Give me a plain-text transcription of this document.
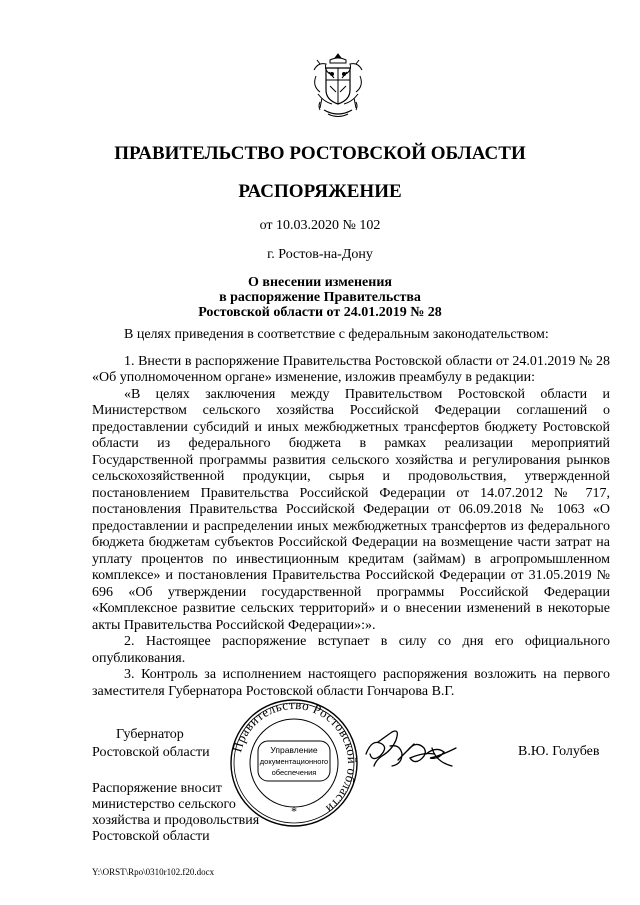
ПРАВИТЕЛЬСТВО РОСТОВСКОЙ ОБЛАСТИ
РАСПОРЯЖЕНИЕ
от 10.03.2020 № 102
г. Ростов-на-Дону
О внесении изменения
в распоряжение Правительства
Ростовской области от 24.01.2019 № 28

В целях приведения в соответствие с федеральным законодательством:

1. Внести в распоряжение Правительства Ростовской области от 24.01.2019 № 28 «Об уполномоченном органе» изменение, изложив преамбулу в редакции:

«В целях заключения между Правительством Ростовской области и Министерством сельского хозяйства Российской Федерации соглашений о предоставлении субсидий и иных межбюджетных трансфертов бюджету Ростовской области из федерального бюджета в рамках реализации мероприятий Государственной программы развития сельского хозяйства и регулирования рынков сельскохозяйственной продукции, сырья и продовольствия, утвержденной постановлением Правительства Российской Федерации от 14.07.2012 № 717, постановления Правительства Российской Федерации от 06.09.2018 № 1063 «О предоставлении и распределении иных межбюджетных трансфертов из федерального бюджета бюджетам субъектов Российской Федерации на возмещение части затрат на уплату процентов по инвестиционным кредитам (займам) в агропромышленном комплексе» и постановления Правительства Российской Федерации от 31.05.2019 № 696 «Об утверждении государственной программы Российской Федерации «Комплексное развитие сельских территорий» и о внесении изменений в некоторые акты Правительства Российской Федерации»:».

2. Настоящее распоряжение вступает в силу со дня его официального опубликования.

3. Контроль за исполнением настоящего распоряжения возложить на первого заместителя Губернатора Ростовской области Гончарова В.Г.

Губернатор
Ростовской области Правительство Ростовской области
Управление
документационного
обеспечения
*
В.Ю. Голубев
Распоряжение вносит
министерство сельского
хозяйства и продовольствия
Ростовской области
Y:\ORST\Rpo\0310r102.f20.docx
